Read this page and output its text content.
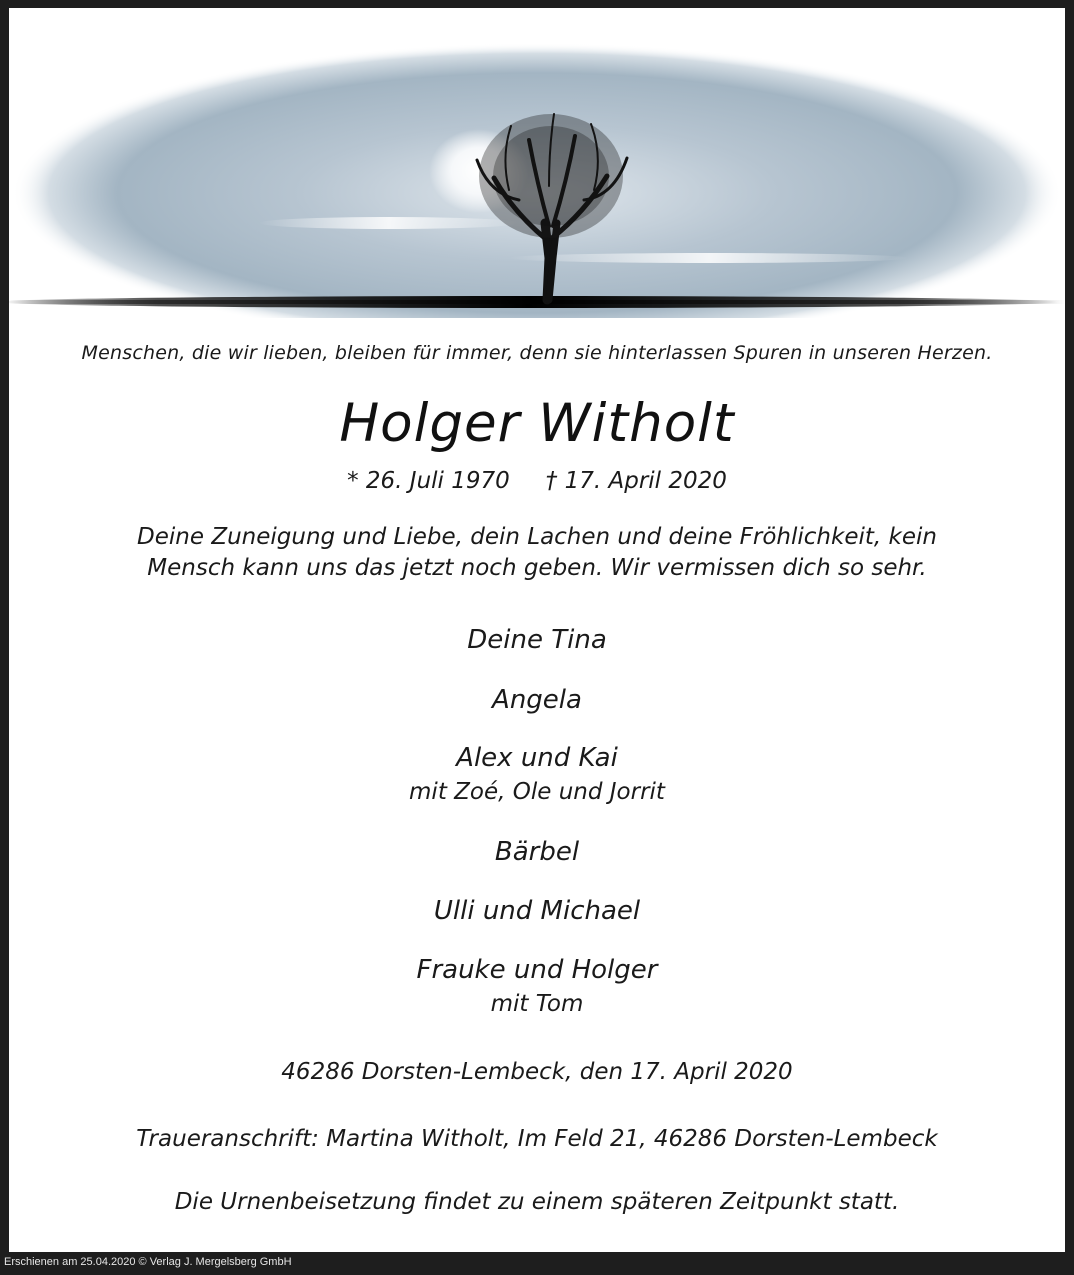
Menschen, die wir lieben, bleiben für immer, denn sie hinterlassen Spuren in unseren Herzen.
Holger Witholt
* 26. Juli 1970 † 17. April 2020
Deine Zuneigung und Liebe, dein Lachen und deine Fröhlichkeit, kein
Mensch kann uns das jetzt noch geben. Wir vermissen dich so sehr.
Deine Tina
Angela
Alex und Kai
mit Zoé, Ole und Jorrit
Bärbel
Ulli und Michael
Frauke und Holger
mit Tom
46286 Dorsten-Lembeck, den 17. April 2020
Traueranschrift: Martina Witholt, Im Feld 21, 46286 Dorsten-Lembeck
Die Urnenbeisetzung findet zu einem späteren Zeitpunkt statt.
Erschienen am 25.04.2020 © Verlag J. Mergelsberg GmbH
